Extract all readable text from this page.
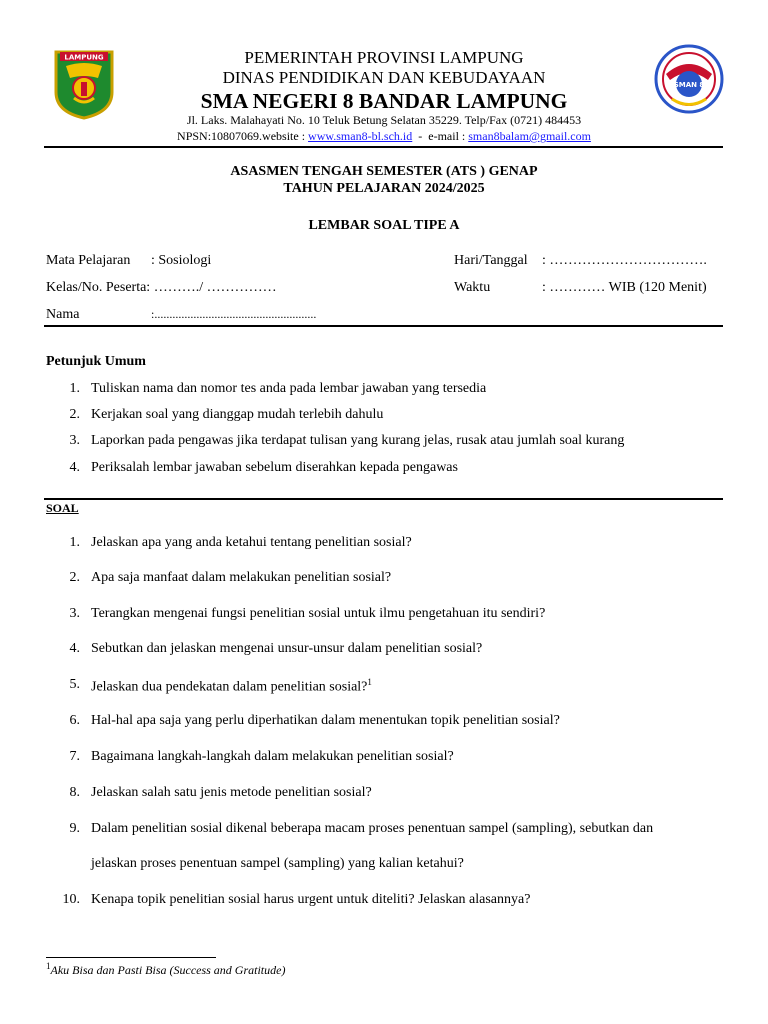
LAMPUNG
SMAN 8
PEMERINTAH PROVINSI LAMPUNG
DINAS PENDIDIKAN DAN KEBUDAYAAN
SMA NEGERI 8 BANDAR LAMPUNG
Jl. Laks. Malahayati No. 10 Teluk Betung Selatan 35229. Telp/Fax (0721) 484453
NPSN:10807069.website : www.sman8-bl.sch.id  -  e-mail : sman8balam@gmail.com
ASASMEN TENGAH SEMESTER (ATS ) GENAP
TAHUN PELAJARAN 2024/2025
LEMBAR SOAL TIPE A
Mata Pelajaran : Sosiologi	Hari/Tanggal : …………………………….
Kelas/No. Peserta: ………./ ……………	Waktu	: ………… WIB (120 Menit)
Nama	:......................................................
Petunjuk Umum
1. Tuliskan nama dan nomor tes anda pada lembar jawaban yang tersedia
2. Kerjakan soal yang dianggap mudah terlebih dahulu
3. Laporkan pada pengawas jika terdapat tulisan yang kurang jelas, rusak atau jumlah soal kurang
4. Periksalah lembar jawaban sebelum diserahkan kepada pengawas
SOAL
1. Jelaskan apa yang anda ketahui tentang penelitian sosial?
2. Apa saja manfaat dalam melakukan penelitian sosial?
3. Terangkan mengenai fungsi penelitian sosial untuk ilmu pengetahuan itu sendiri?
4. Sebutkan dan jelaskan mengenai unsur-unsur dalam penelitian sosial?
5. Jelaskan dua pendekatan dalam penelitian sosial?$^1$
6. Hal-hal apa saja yang perlu diperhatikan dalam menentukan topik penelitian sosial?
7. Bagaimana langkah-langkah dalam melakukan penelitian sosial?
8. Jelaskan salah satu jenis metode penelitian sosial?
9. Dalam penelitian sosial dikenal beberapa macam proses penentuan sampel (sampling), sebutkan dan
jelaskan proses penentuan sampel (sampling) yang kalian ketahui?
10. Kenapa topik penelitian sosial harus urgent untuk diteliti? Jelaskan alasannya?
$^1$Aku Bisa dan Pasti Bisa (Success and Gratitude)
